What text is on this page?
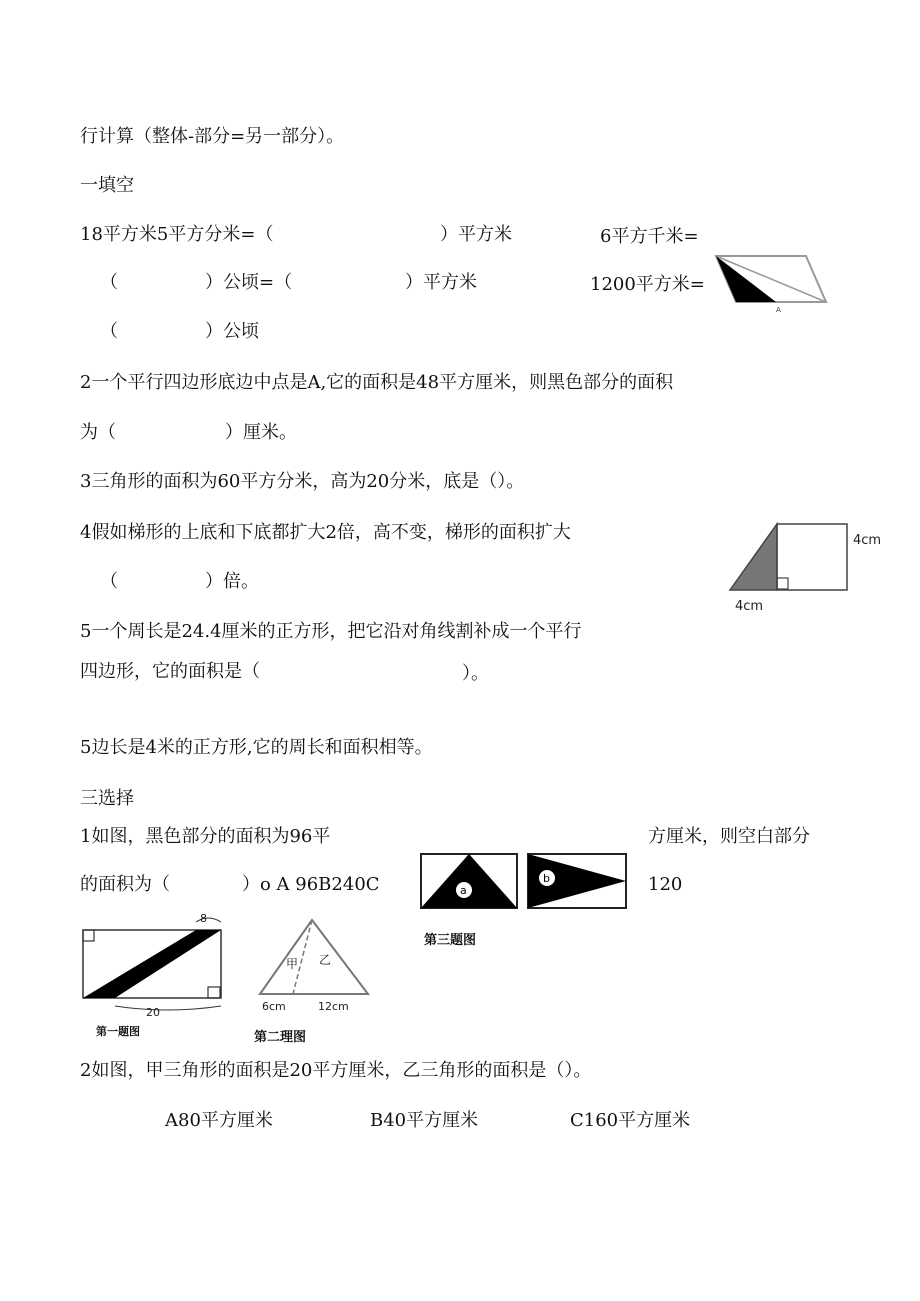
行计算（整体-部分=另一部分）。
一填空
18平方米5平方分米=（	）平方米	6平方千米=
（	）公顷=（	）平方米	1200平方米=
（	）公顷
A
2一个平行四边形底边中点是A,它的面积是48平方厘米，则黑色部分的面积
为（	）厘米。
3三角形的面积为60平方分米，高为20分米，底是（）。
4假如梯形的上底和下底都扩大2倍，高不变，梯形的面积扩大
（	）倍。
4cm
4cm
5一个周长是24.4厘米的正方形，把它沿对角线割补成一个平行
四边形，它的面积是（	）。
5边长是4米的正方形,它的周长和面积相等。
三选择
1如图，黑色部分的面积为96平	方厘米，则空白部分
的面积为（	）o A 96B240C	120
a
b
第三题图
8
20
第一题图
甲 乙
6cm	12cm
第二理图
2如图，甲三角形的面积是20平方厘米，乙三角形的面积是（）。
A80平方厘米	B40平方厘米	C160平方厘米
